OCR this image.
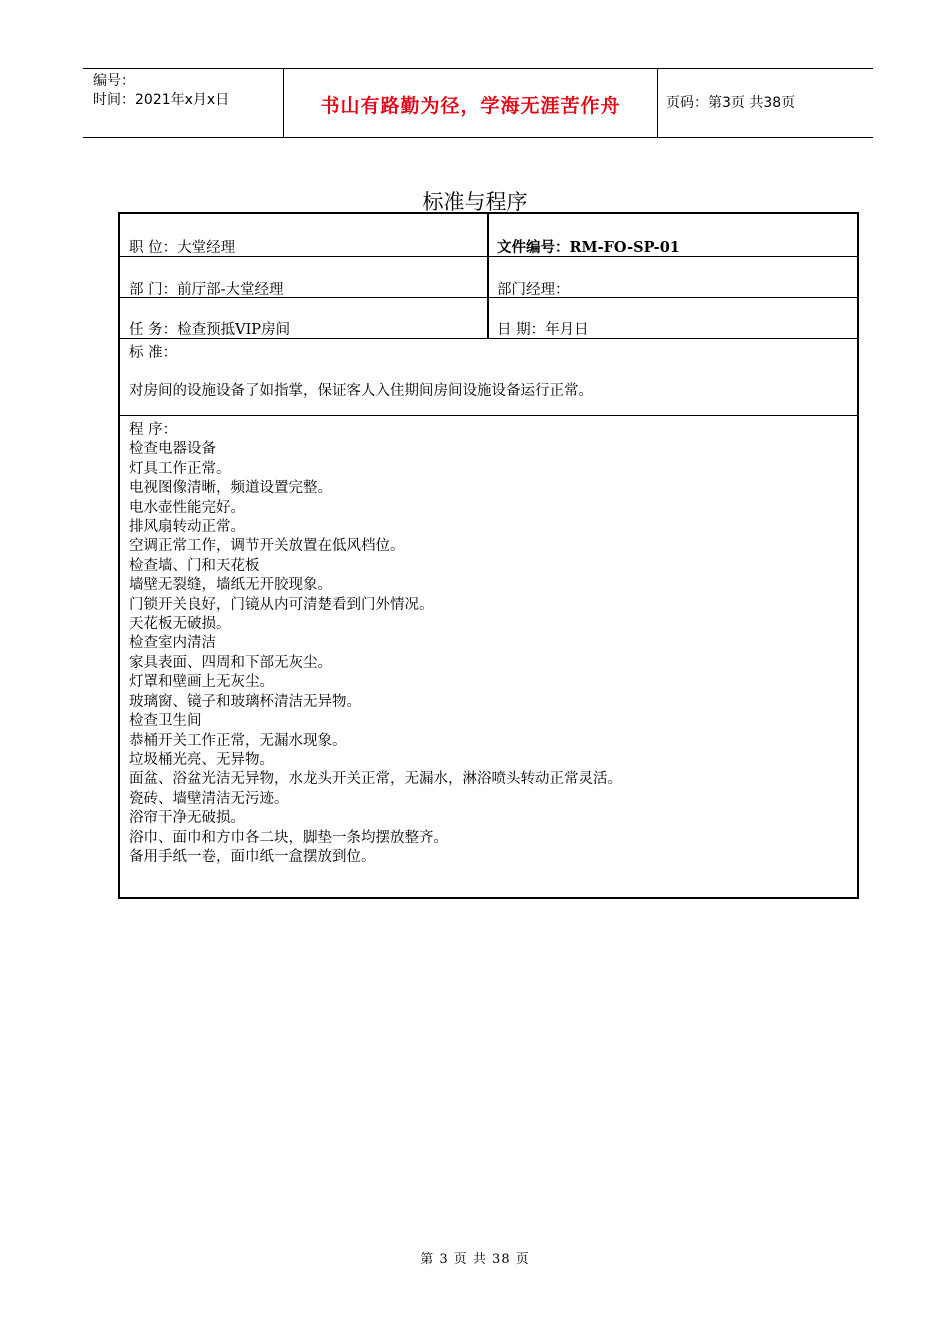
编号：
时间：2021年x月x日	书山有路勤为径，学海无涯苦作舟	页码：第3页 共38页
标准与程序
职 位：大堂经理	文件编号：RM-FO-SP-01
部 门：前厅部-大堂经理	部门经理：
任 务：检查预抵VIP房间	日 期：年月日
标 准：
对房间的设施设备了如指掌，保证客人入住期间房间设施设备运行正常。
程 序：
检查电器设备
灯具工作正常。
电视图像清晰，频道设置完整。
电水壶性能完好。
排风扇转动正常。
空调正常工作，调节开关放置在低风档位。
检查墙、门和天花板
墙壁无裂缝，墙纸无开胶现象。
门锁开关良好，门镜从内可清楚看到门外情况。
天花板无破损。
检查室内清洁
家具表面、四周和下部无灰尘。
灯罩和壁画上无灰尘。
玻璃窗、镜子和玻璃杯清洁无异物。
检查卫生间
恭桶开关工作正常，无漏水现象。
垃圾桶光亮、无异物。
面盆、浴盆光洁无异物，水龙头开关正常，无漏水，淋浴喷头转动正常灵活。
瓷砖、墙壁清洁无污迹。
浴帘干净无破损。
浴巾、面巾和方巾各二块，脚垫一条均摆放整齐。
备用手纸一卷，面巾纸一盒摆放到位。
第 3 页 共 38 页
